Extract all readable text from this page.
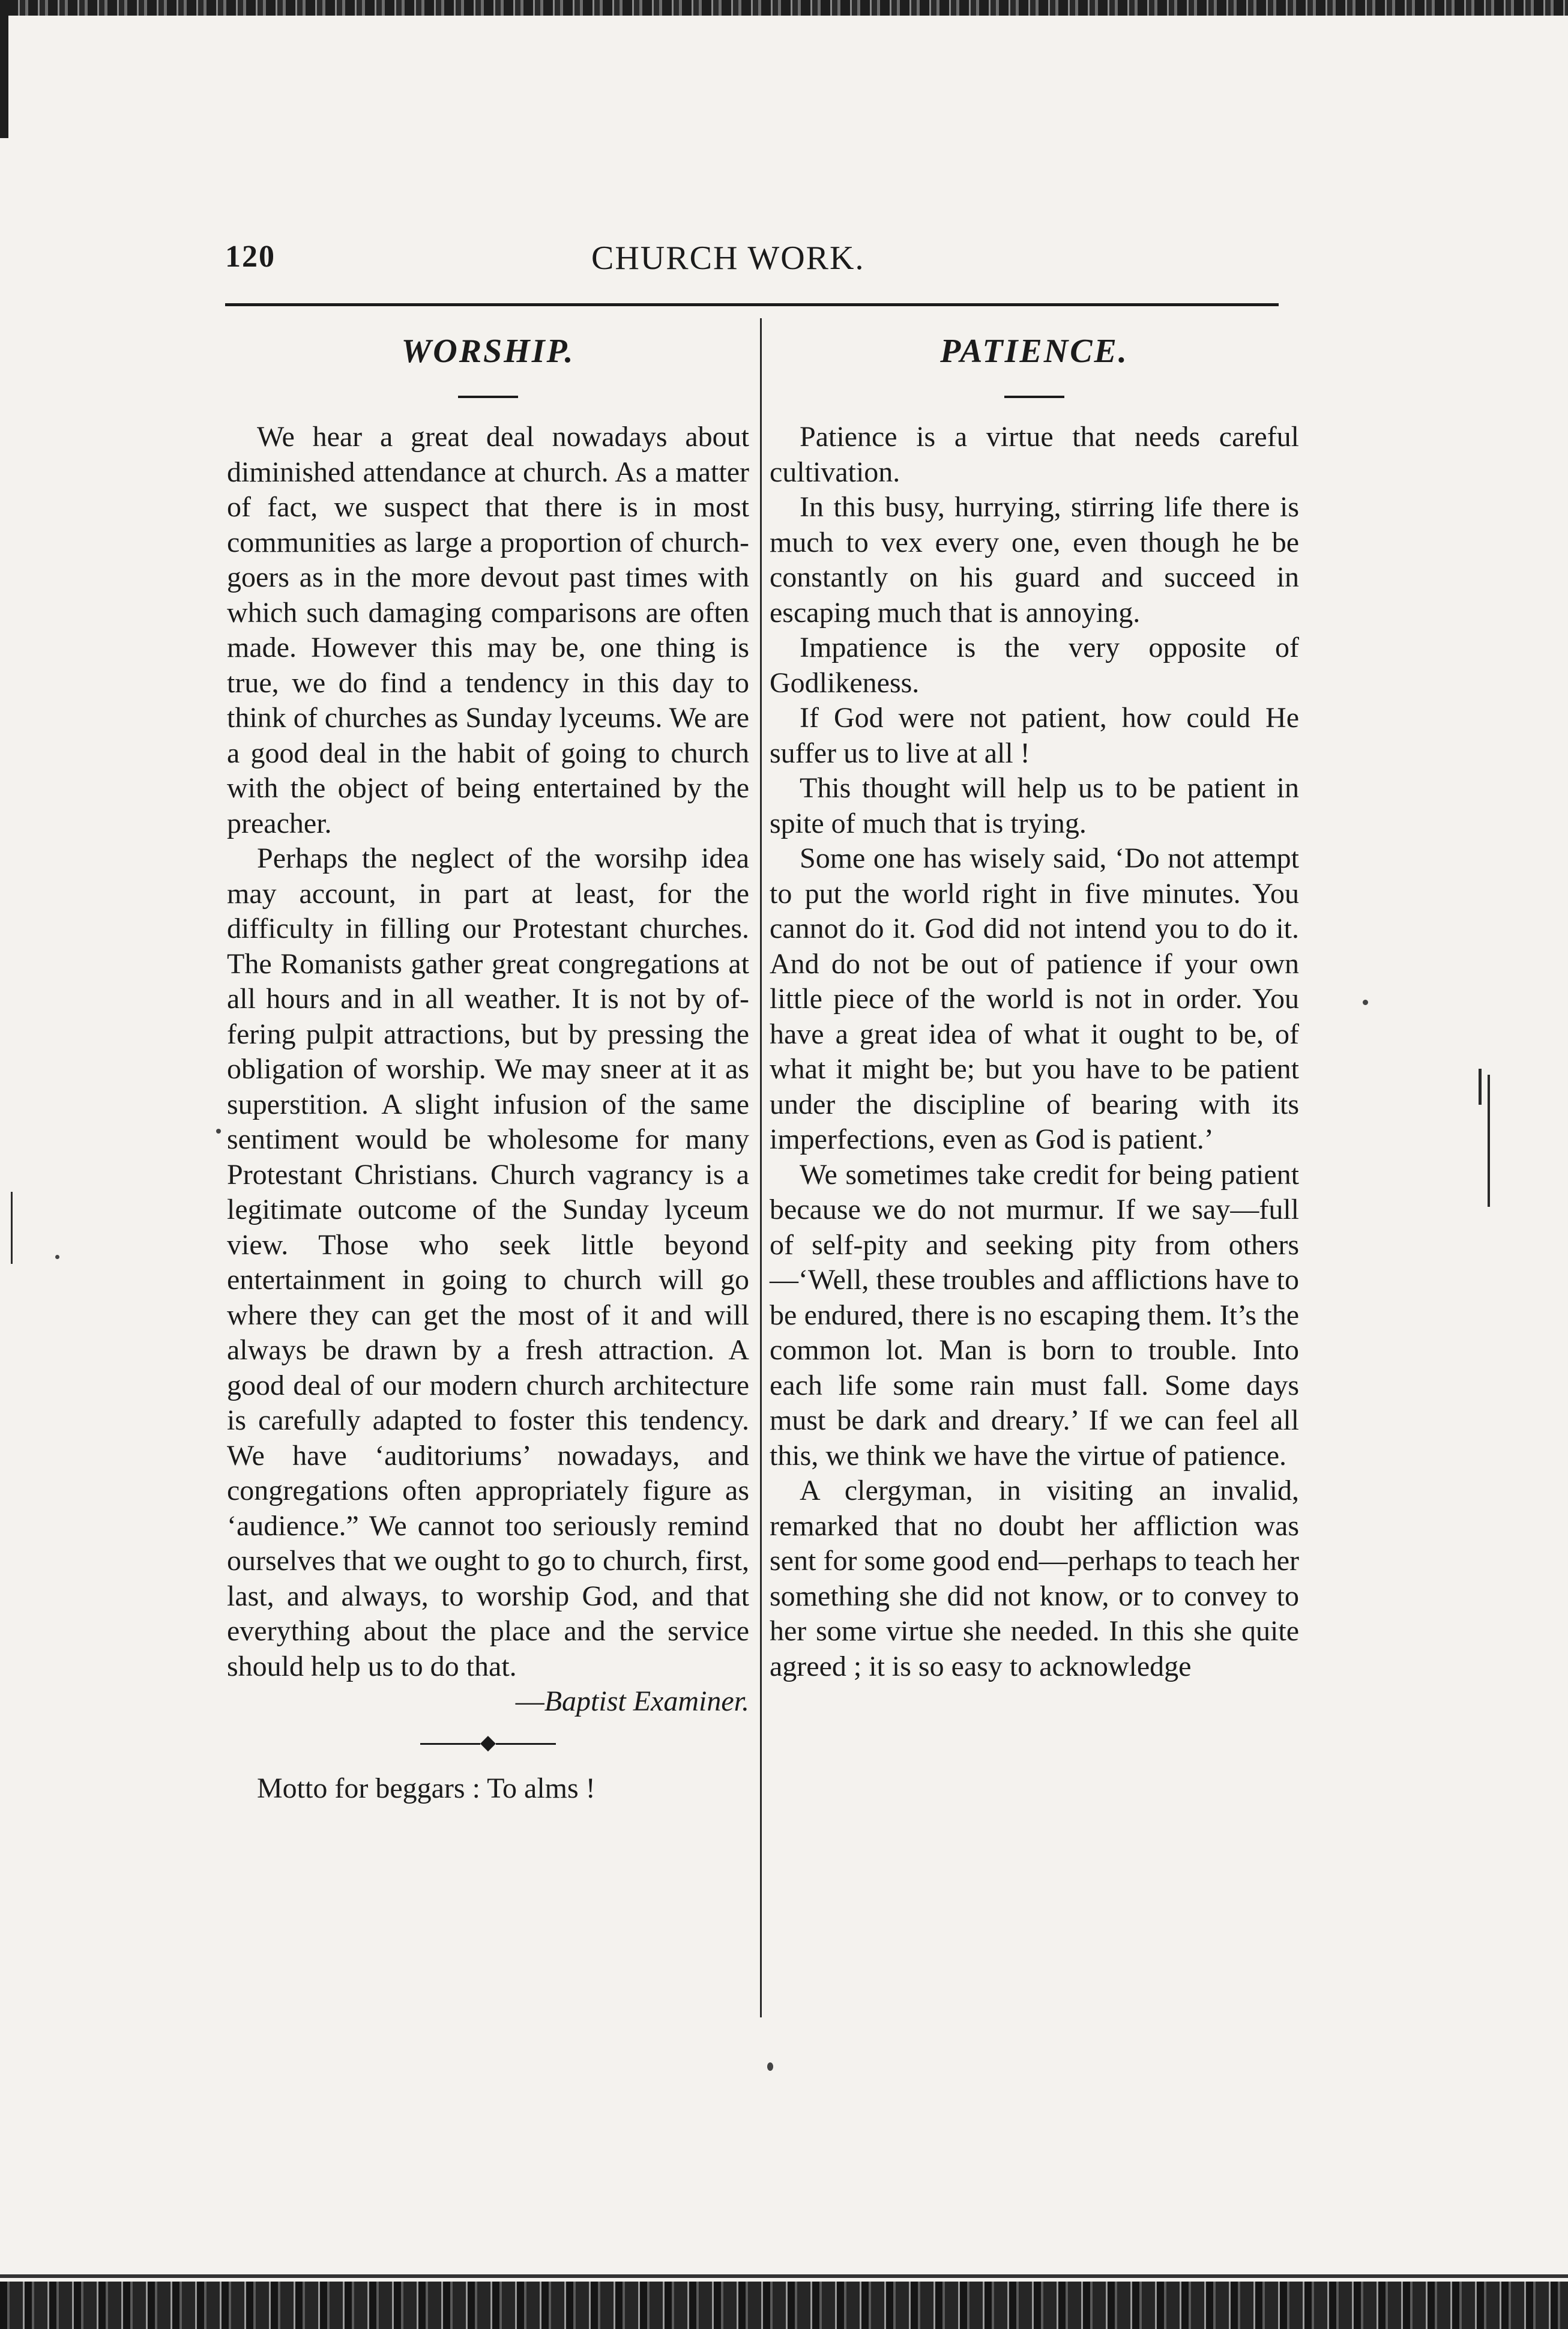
120	CHURCH WORK.
WORSHIP.

We hear a great deal nowadays about diminished attendance at church. As a matter of fact, we suspect that there is in most communities as large a proportion of churchgoers as in the more devout past times with which such damaging comparisons are often made. However this may be, one thing is true, we do find a tendency in this day to think of churches as Sunday lyceums. We are a good deal in the habit of going to church with the object of being entertained by the preacher.

Perhaps the neglect of the worsihp idea may account, in part at least, for the difficulty in filling our Protestant churches. The Romanists gather great congregations at all hours and in all weather. It is not by offering pulpit attractions, but by pressing the obligation of worship. We may sneer at it as superstition. A slight infusion of the same sentiment would be wholesome for many Protestant Christians. Church vagrancy is a legitimate outcome of the Sunday lyceum view. Those who seek little beyond entertainment in going to church will go where they can get the most of it and will always be drawn by a fresh attraction. A good deal of our modern church architecture is carefully adapted to foster this tendency. We have ‘auditoriums’ nowadays, and congregations often appropriately figure as ‘audience.” We cannot too seriously remind ourselves that we ought to go to church, first, last, and always, to worship God, and that everything about the place and the service should help us to do that.

—Baptist Examiner.

◆

Motto for beggars : To alms !

PATIENCE.

Patience is a virtue that needs careful cultivation.

In this busy, hurrying, stirring life there is much to vex every one, even though he be constantly on his guard and succeed in escaping much that is annoying.

Impatience is the very opposite of Godlikeness.

If God were not patient, how could He suffer us to live at all !

This thought will help us to be patient in spite of much that is trying.

Some one has wisely said, ‘Do not attempt to put the world right in five minutes. You cannot do it. God did not intend you to do it. And do not be out of patience if your own little piece of the world is not in order. You have a great idea of what it ought to be, of what it might be; but you have to be patient under the discipline of bearing with its imperfections, even as God is patient.’

We sometimes take credit for being patient because we do not murmur. If we say—full of self-pity and seeking pity from others—‘Well, these troubles and afflictions have to be endured, there is no escaping them. It’s the common lot. Man is born to trouble. Into each life some rain must fall. Some days must be dark and dreary.’ If we can feel all this, we think we have the virtue of patience.

A clergyman, in visiting an invalid, remarked that no doubt her affliction was sent for some good end—perhaps to teach her something she did not know, or to convey to her some virtue she needed. In this she quite agreed ; it is so easy to acknowledge
